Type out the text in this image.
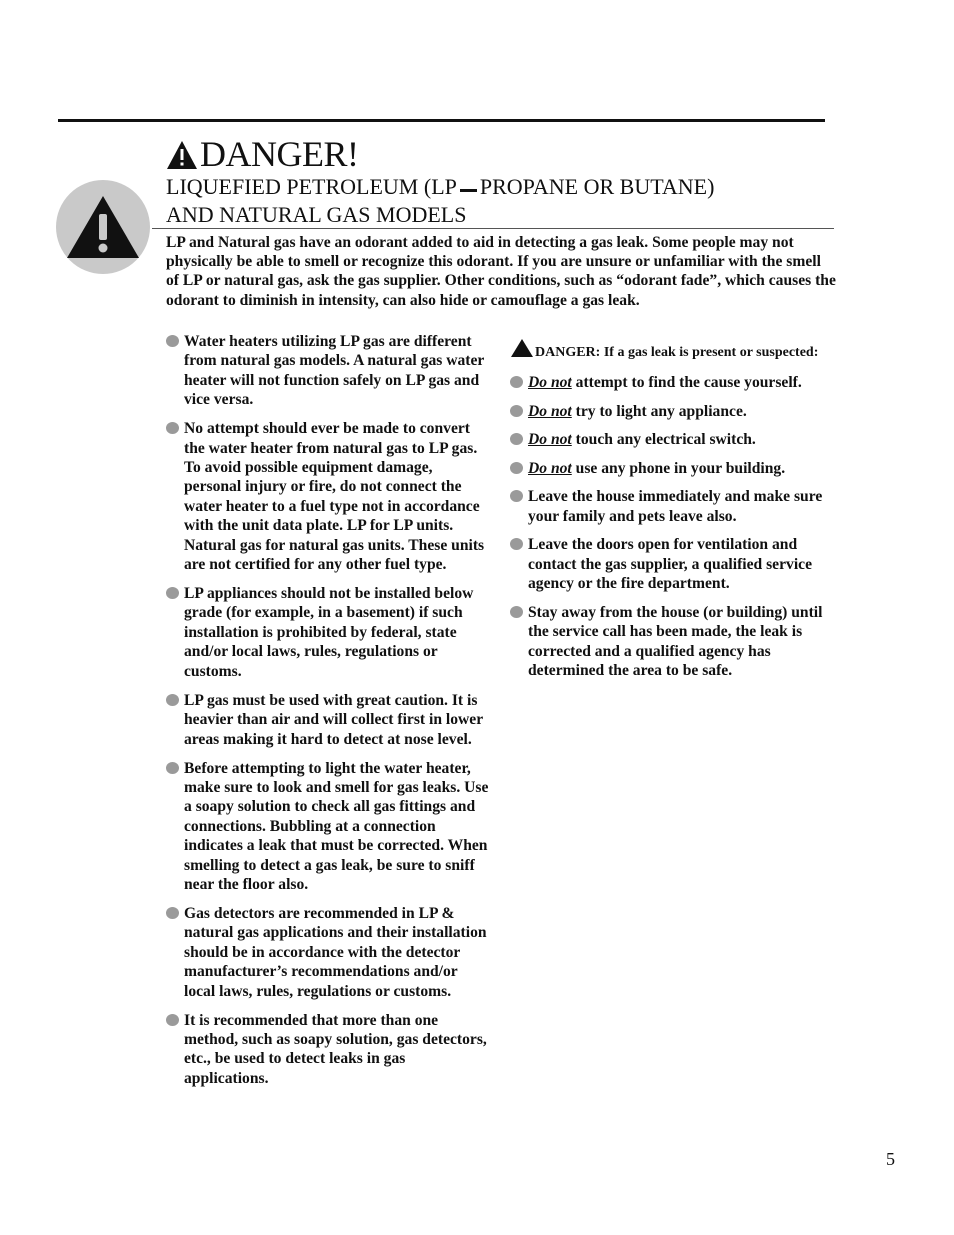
DANGER!
LIQUEFIED PETROLEUM (LP PROPANE OR BUTANE)
AND NATURAL GAS MODELS
LP and Natural gas have an odorant added to aid in detecting a gas leak. Some people may not physically be able to smell or recognize this odorant. If you are unsure or unfamiliar with the smell of LP or natural gas, ask the gas supplier. Other conditions, such as “odorant fade”, which causes the odorant to diminish in intensity, can also hide or camouflage a gas leak.
Water heaters utilizing LP gas are different from natural gas models. A natural gas water heater will not function safely on LP gas and vice versa.
No attempt should ever be made to convert the water heater from natural gas to LP gas. To avoid possible equipment damage, personal injury or fire, do not connect the water heater to a fuel type not in accordance with the unit data plate. LP for LP units. Natural gas for natural gas units. These units are not certified for any other fuel type.
LP appliances should not be installed below grade (for example, in a basement) if such installation is prohibited by federal, state and/or local laws, rules, regulations or customs.
LP gas must be used with great caution. It is heavier than air and will collect first in lower areas making it hard to detect at nose level.
Before attempting to light the water heater, make sure to look and smell for gas leaks. Use a soapy solution to check all gas fittings and connections. Bubbling at a connection indicates a leak that must be corrected. When smelling to detect a gas leak, be sure to sniff near the floor also.
Gas detectors are recommended in LP & natural gas applications and their installation should be in accordance with the detector manufacturer’s recommendations and/or local laws, rules, regulations or customs.
It is recommended that more than one method, such as soapy solution, gas detectors, etc., be used to detect leaks in gas applications.
DANGER: If a gas leak is present or suspected:
Do not attempt to find the cause yourself.
Do not try to light any appliance.
Do not touch any electrical switch.
Do not use any phone in your building.
Leave the house immediately and make sure your family and pets leave also.
Leave the doors open for ventilation and contact the gas supplier, a qualified service agency or the fire department.
Stay away from the house (or building) until the service call has been made, the leak is corrected and a qualified agency has determined the area to be safe.
5
